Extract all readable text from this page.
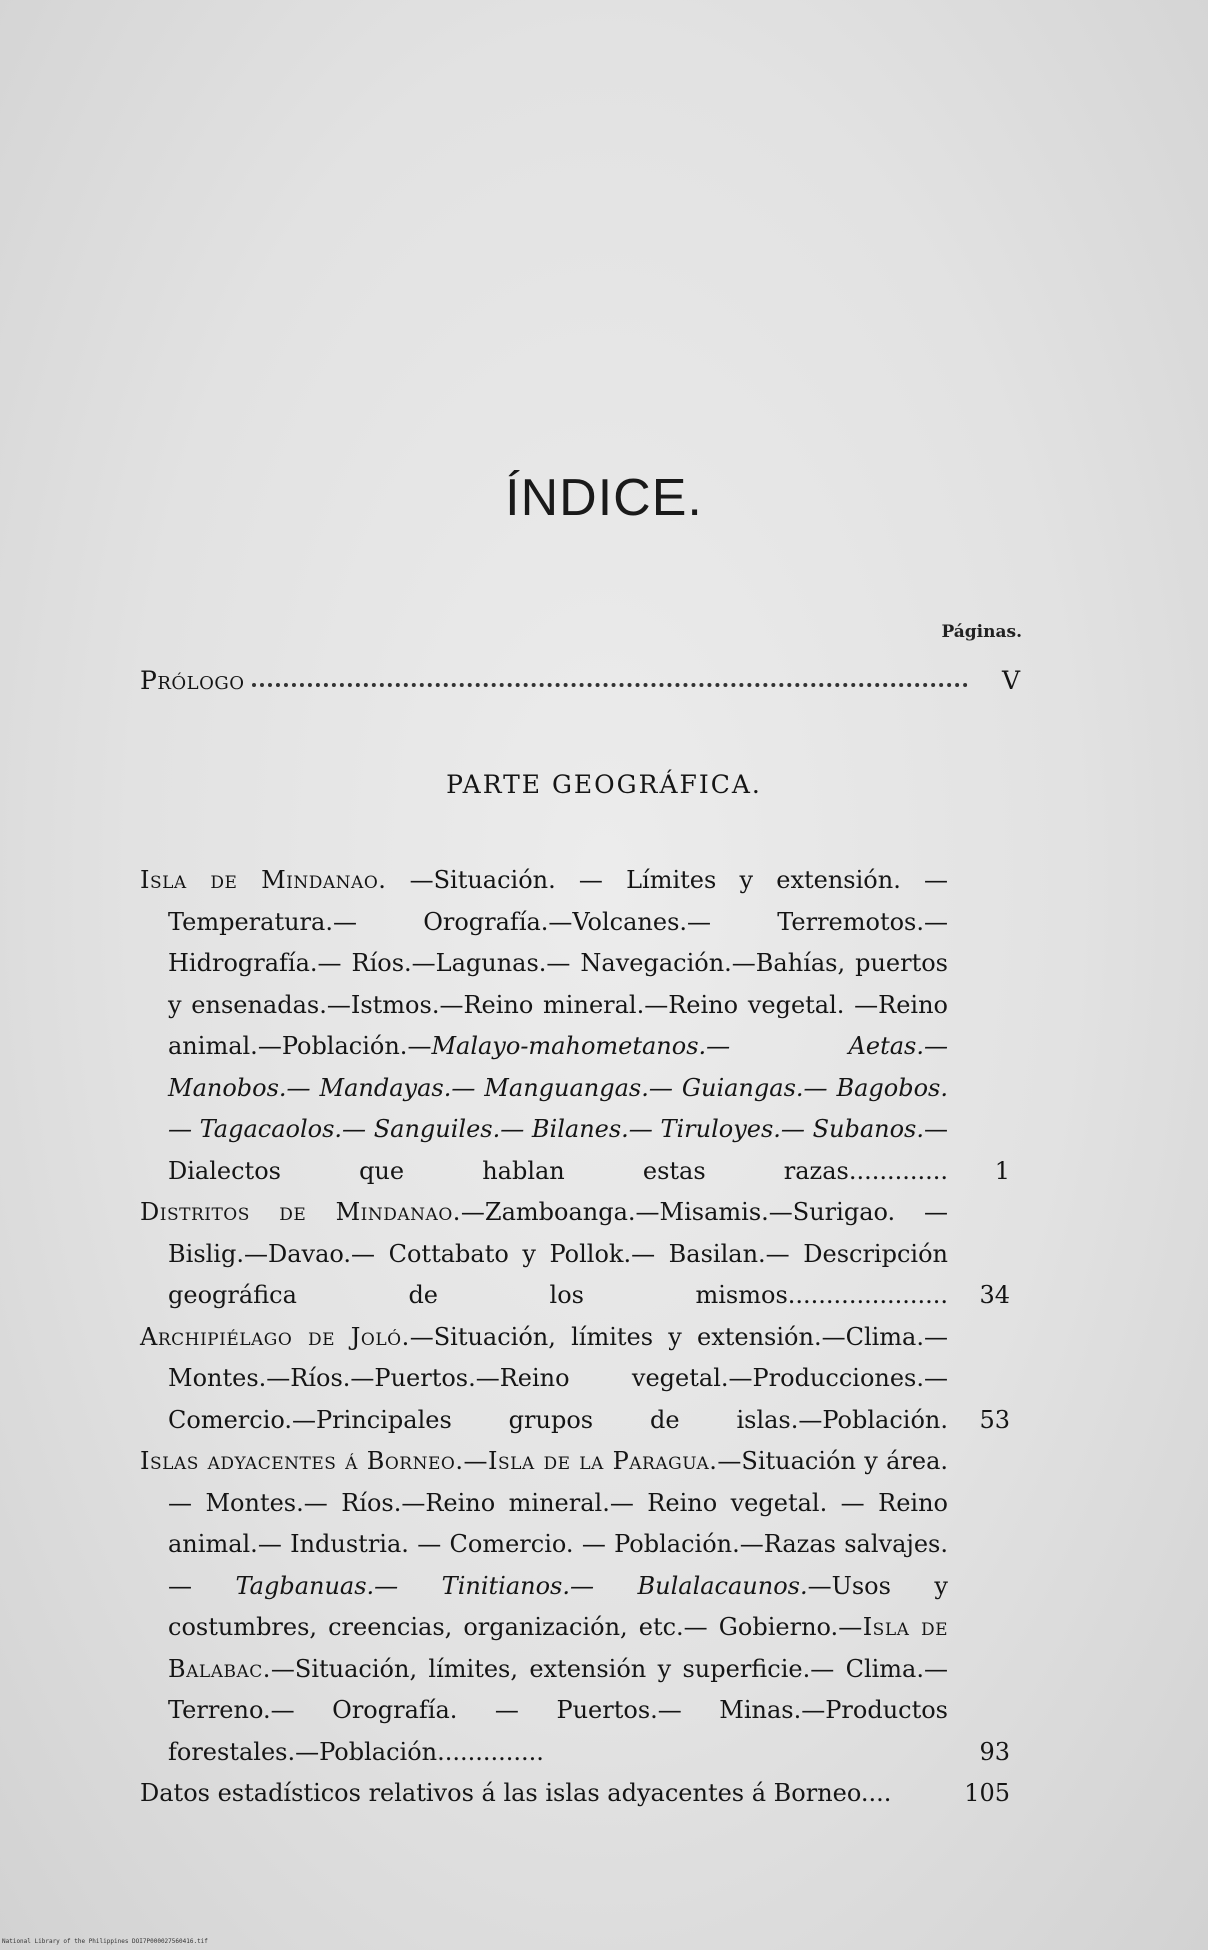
ÍNDICE.
Páginas.
Prólogo	V
PARTE GEOGRÁFICA.
Isla de Mindanao. —Situación. — Límites y extensión. — Temperatura.— Orografía.—Volcanes.— Terremotos.—Hidrografía.— Ríos.—Lagunas.— Navegación.—Bahías, puertos y ensenadas.—Istmos.—Reino mineral.—Reino vegetal. —Reino animal.—Población.—Malayo-mahometanos.— Aetas.— Manobos.— Mandayas.— Manguangas.— Guiangas.— Bagobos.— Tagacaolos.— Sanguiles.— Bilanes.— Tiruloyes.— Subanos.—Dialectos que hablan estas razas............. 1
Distritos de Mindanao.—Zamboanga.—Misamis.—Surigao. —Bislig.—Davao.— Cottabato y Pollok.— Basilan.— Descripción geográfica de los mismos..................... 34
Archipiélago de Joló.—Situación, límites y extensión.—Clima.—Montes.—Ríos.—Puertos.—Reino vegetal.—Producciones.—Comercio.—Principales grupos de islas.—Población. 53
Islas adyacentes á Borneo.—Isla de la Paragua.—Situación y área.— Montes.— Ríos.—Reino mineral.— Reino vegetal. — Reino animal.— Industria. — Comercio. — Población.—Razas salvajes.— Tagbanuas.— Tinitianos.— Bulalacaunos.—Usos y costumbres, creencias, organización, etc.— Gobierno.—Isla de Balabac.—Situación, límites, extensión y superficie.— Clima.— Terreno.— Orografía. — Puertos.— Minas.—Productos forestales.—Población..............	93
Datos estadísticos relativos á las islas adyacentes á Borneo....	105
National Library of the Philippines DOI7P000027560416.tif
